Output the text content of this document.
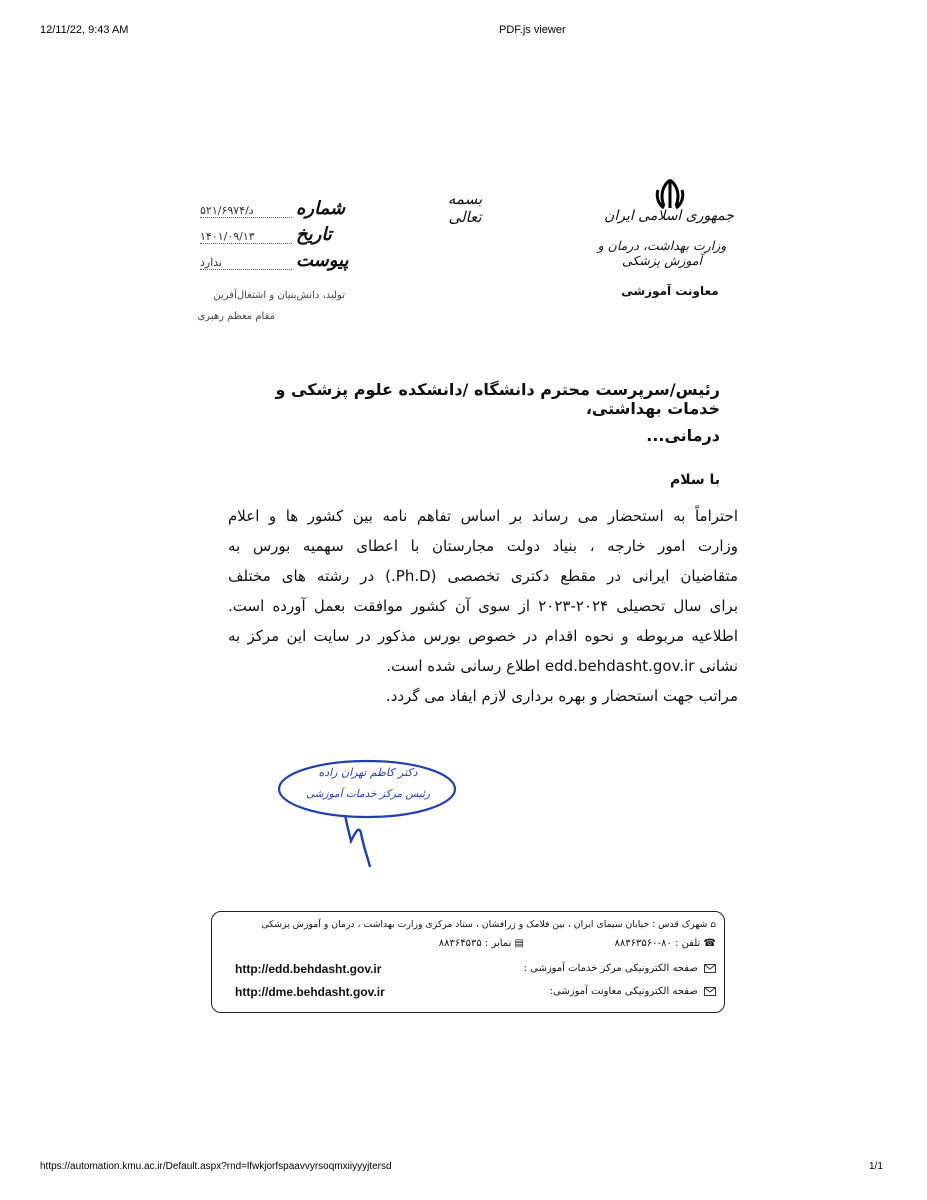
12/11/22, 9:43 AM	PDF.js viewer
جمهوری اسلامی ایران
وزارت بهداشت، درمان و آموزش پزشکی
معاونت آموزشی
بسمه تعالی
شماره
د/۵۲۱/۶۹۷۴
تاریخ
۱۴۰۱/۰۹/۱۳
پیوست
ندارد
تولید، دانش‌بنیان و اشتغال‌آفرین
مقام معظم رهبری
رئیس/سرپرست محترم دانشگاه /دانشکده علوم پزشکی و خدمات بهداشتی،
درمانی...
با سلام
احتراماً به استحضار می رساند بر اساس تفاهم نامه بین کشور ها و اعلام
وزارت امور خارجه ، بنیاد دولت مجارستان با اعطای سهمیه بورس به
متقاضیان ایرانی در مقطع دکتری تخصصی (Ph.D.) در رشته های مختلف
برای سال تحصیلی ۲۰۲۴-۲۰۲۳ از سوی آن کشور موافقت بعمل آورده است.
اطلاعیه مربوطه و نحوه اقدام در خصوص بورس مذکور در سایت این مرکز به
نشانی edd.behdasht.gov.ir اطلاع رسانی شده است.
مراتب جهت استحضار و بهره برداری لازم ایفاد می گردد.
دکتر کاظم تهران زاده
رئیس مرکز خدمات آموزشی
⌂ شهرک قدس : خیابان سیمای ایران ، بین فلامک و زرافشان ، ستاد مرکزی وزارت بهداشت ، درمان و آموزش پزشکی
☎ تلفن : ۸۰-۸۸۳۶۳۵۶۰
▤ نمابر : ۸۸۳۶۴۵۳۵
صفحه الکترونیکی مرکز خدمات آموزشی :
http://edd.behdasht.gov.ir
صفحه الکترونیکی معاونت آموزشی:
http://dme.behdasht.gov.ir
https://automation.kmu.ac.ir/Default.aspx?rnd=lfwkjorfspaavvyrsoqmxiiyyyjtersd	1/1
